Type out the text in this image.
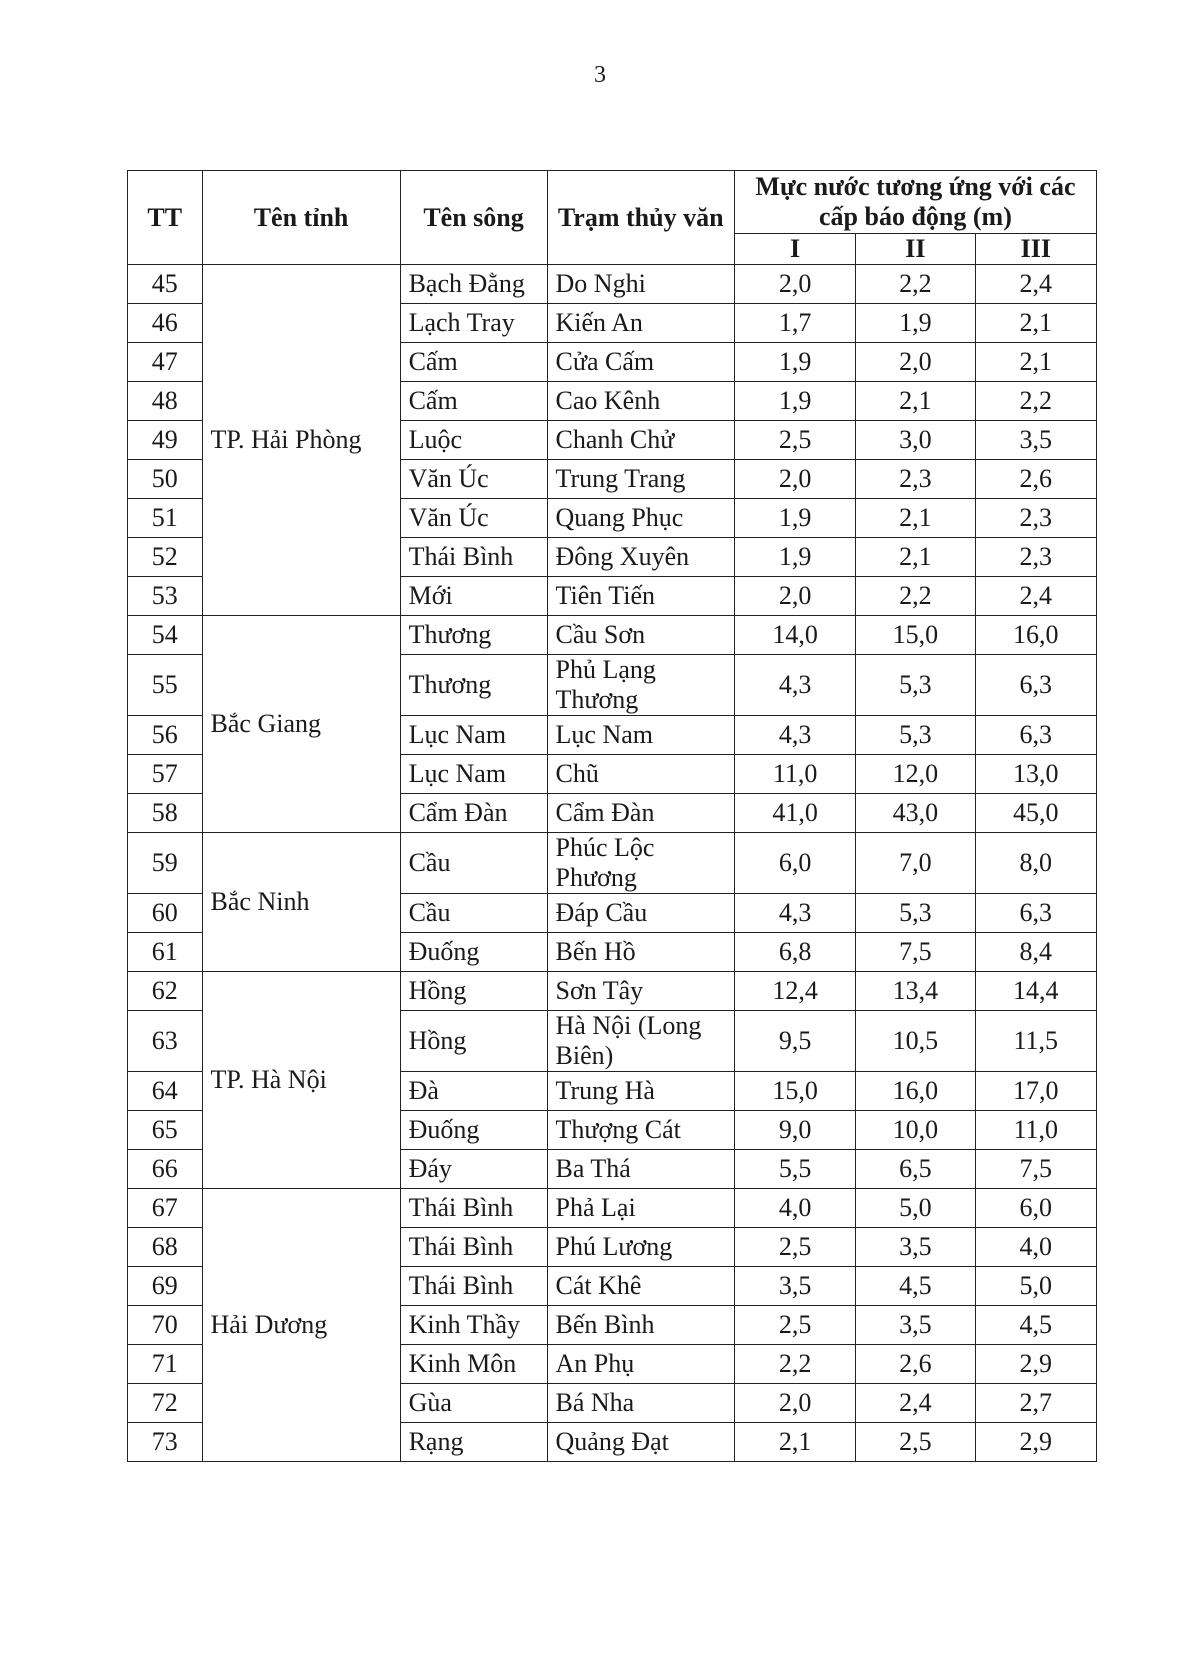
3
TT	Tên tỉnh	Tên sông	Trạm thủy văn	Mực nước tương ứng với các cấp báo động (m)		
				I	II	III
45	TP. Hải Phòng	Bạch Đằng	Do Nghi	2,0	2,2	2,4
46		Lạch Tray	Kiến An	1,7	1,9	2,1
47		Cấm	Cửa Cấm	1,9	2,0	2,1
48		Cấm	Cao Kênh	1,9	2,1	2,2
49		Luộc	Chanh Chử	2,5	3,0	3,5
50		Văn Úc	Trung Trang	2,0	2,3	2,6
51		Văn Úc	Quang Phục	1,9	2,1	2,3
52		Thái Bình	Đông Xuyên	1,9	2,1	2,3
53		Mới	Tiên Tiến	2,0	2,2	2,4
54	Bắc Giang	Thương	Cầu Sơn	14,0	15,0	16,0
55		Thương	Phủ Lạng Thương	4,3	5,3	6,3
56		Lục Nam	Lục Nam	4,3	5,3	6,3
57		Lục Nam	Chũ	11,0	12,0	13,0
58		Cẩm Đàn	Cẩm Đàn	41,0	43,0	45,0
59	Bắc Ninh	Cầu	Phúc Lộc Phương	6,0	7,0	8,0
60		Cầu	Đáp Cầu	4,3	5,3	6,3
61		Đuống	Bến Hồ	6,8	7,5	8,4
62	TP. Hà Nội	Hồng	Sơn Tây	12,4	13,4	14,4
63		Hồng	Hà Nội (Long Biên)	9,5	10,5	11,5
64		Đà	Trung Hà	15,0	16,0	17,0
65		Đuống	Thượng Cát	9,0	10,0	11,0
66		Đáy	Ba Thá	5,5	6,5	7,5
67	Hải Dương	Thái Bình	Phả Lại	4,0	5,0	6,0
68		Thái Bình	Phú Lương	2,5	3,5	4,0
69		Thái Bình	Cát Khê	3,5	4,5	5,0
70		Kinh Thầy	Bến Bình	2,5	3,5	4,5
71		Kinh Môn	An Phụ	2,2	2,6	2,9
72		Gùa	Bá Nha	2,0	2,4	2,7
73		Rạng	Quảng Đạt	2,1	2,5	2,9
